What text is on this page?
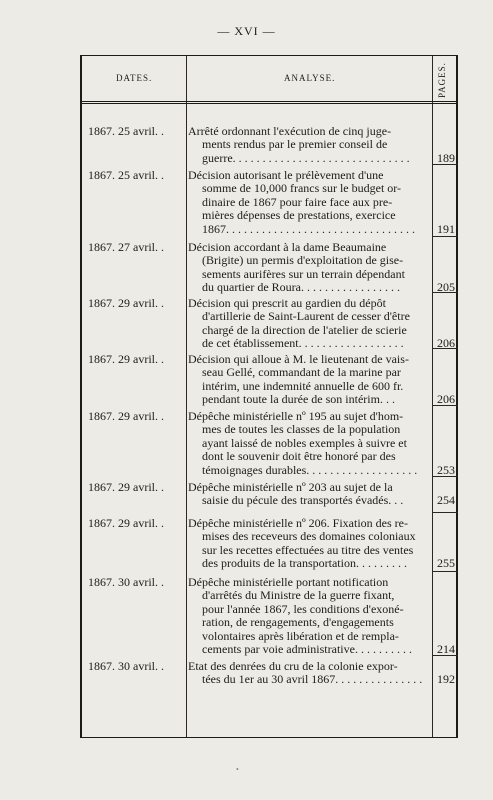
— XVI —
DATES.	ANALYSE.	PAGES.
1867. 25 avril. .	Arrêté ordonnant l'exécution de cinq juge-
ments rendus par le premier conseil de
guerre. . . . . . . . . . . . . . . . . . . . . . . . . . . . . .	189
1867. 25 avril. .	Décision autorisant le prélèvement d'une
somme de 10,000 francs sur le budget or-
dinaire de 1867 pour faire face aux pre-
mières dépenses de prestations, exercice
1867. . . . . . . . . . . . . . . . . . . . . . . . . . . . . . . .	191
1867. 27 avril. .	Décision accordant à la dame Beaumaine
(Brigite) un permis d'exploitation de gise-
sements aurifères sur un terrain dépendant
du quartier de Roura. . . . . . . . . . . . . . . . .	205
1867. 29 avril. .	Décision qui prescrit au gardien du dépôt
d'artillerie de Saint-Laurent de cesser d'être
chargé de la direction de l'atelier de scierie
de cet établissement. . . . . . . . . . . . . . . . . .	206
1867. 29 avril. .	Décision qui alloue à M. le lieutenant de vais-
seau Gellé, commandant de la marine par
intérim, une indemnité annuelle de 600 fr.
pendant toute la durée de son intérim. . .	206
1867. 29 avril. .	Dépêche ministérielle nº 195 au sujet d'hom-
mes de toutes les classes de la population
ayant laissé de nobles exemples à suivre et
dont le souvenir doit être honoré par des
témoignages durables. . . . . . . . . . . . . . . . . . .	253
1867. 29 avril. .	Dépêche ministérielle nº 203 au sujet de la
saisie du pécule des transportés évadés. . .	254
1867. 29 avril. .	Dépêche ministérielle nº 206. Fixation des re-
mises des receveurs des domaines coloniaux
sur les recettes effectuées au titre des ventes
des produits de la transportation. . . . . . . . .	255
1867. 30 avril. .	Dépêche ministérielle portant notification
d'arrêtés du Ministre de la guerre fixant,
pour l'année 1867, les conditions d'exoné-
ration, de rengagements, d'engagements
volontaires après libération et de rempla-
cements par voie administrative. . . . . . . . . .	214
1867. 30 avril. .	Etat des denrées du cru de la colonie expor-
tées du 1er au 30 avril 1867. . . . . . . . . . . . . . .	192
•
